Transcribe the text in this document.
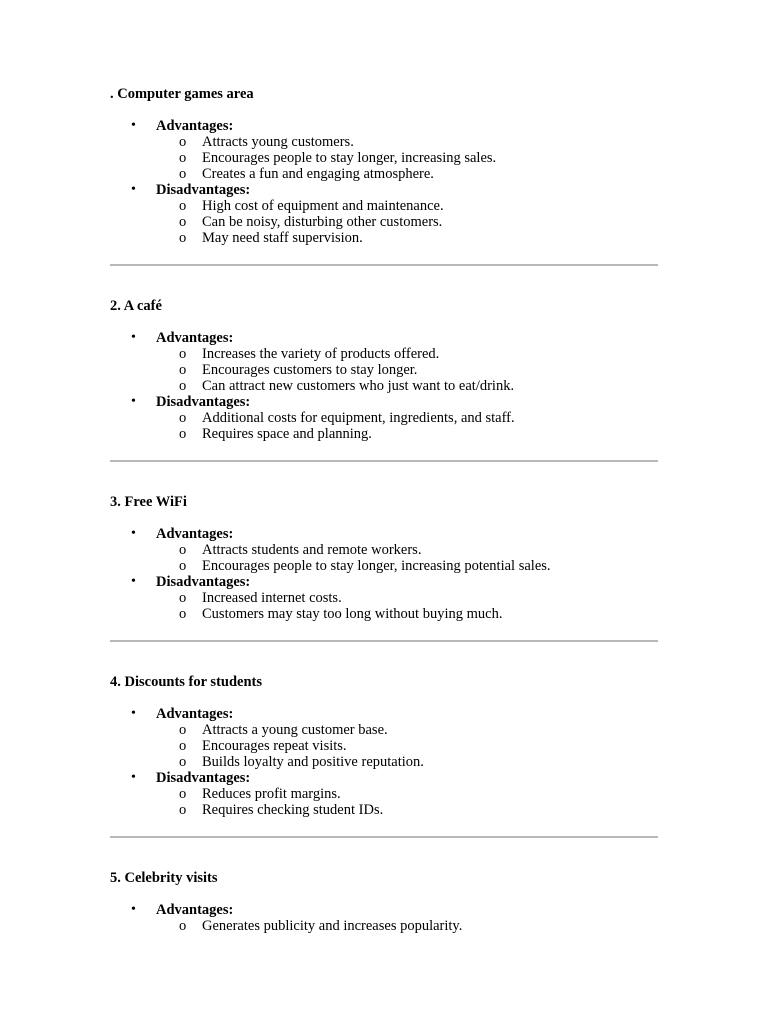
. Computer games area

• Advantages:
o Attracts young customers.
o Encourages people to stay longer, increasing sales.
o Creates a fun and engaging atmosphere.
• Disadvantages:
o High cost of equipment and maintenance.
o Can be noisy, disturbing other customers.
o May need staff supervision.

2. A café

• Advantages:
o Increases the variety of products offered.
o Encourages customers to stay longer.
o Can attract new customers who just want to eat/drink.
• Disadvantages:
o Additional costs for equipment, ingredients, and staff.
o Requires space and planning.

3. Free WiFi

• Advantages:
o Attracts students and remote workers.
o Encourages people to stay longer, increasing potential sales.
• Disadvantages:
o Increased internet costs.
o Customers may stay too long without buying much.

4. Discounts for students

• Advantages:
o Attracts a young customer base.
o Encourages repeat visits.
o Builds loyalty and positive reputation.
• Disadvantages:
o Reduces profit margins.
o Requires checking student IDs.

5. Celebrity visits

• Advantages:
o Generates publicity and increases popularity.
